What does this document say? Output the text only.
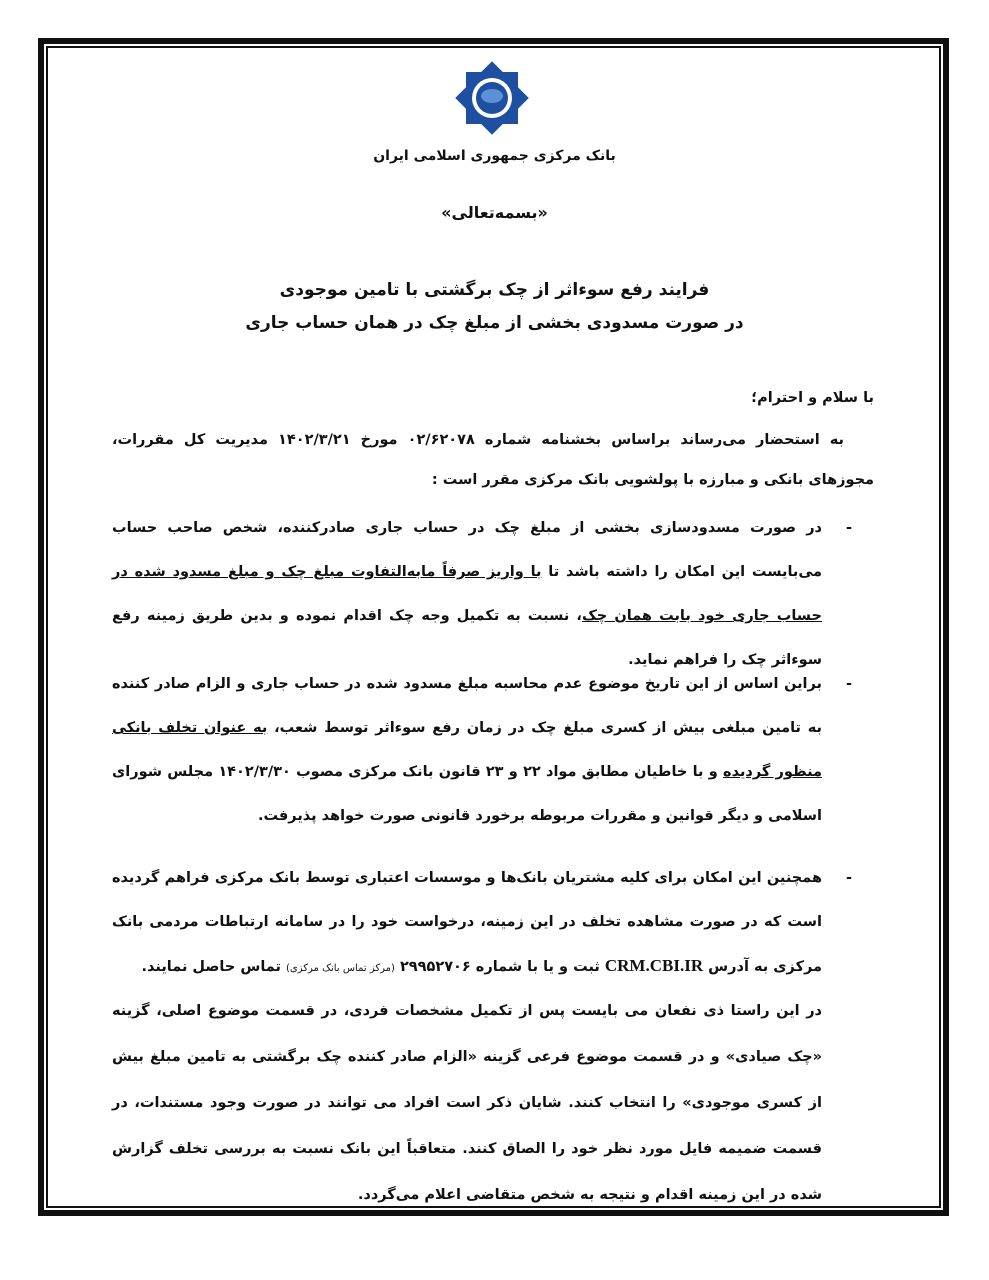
بانک مرکزی جمهوری اسلامی ایران
«بسمه‌تعالی»
فرایند رفع سوءاثر از چک برگشتی با تامین موجودی
در صورت مسدودی بخشی از مبلغ چک در همان حساب جاری
با سلام و احترام؛
به استحضار می‌رساند براساس بخشنامه شماره ۰۲/۶۲۰۷۸ مورخ ۱۴۰۲/۳/۲۱ مدیریت کل مقررات، مجوزهای بانکی و مبارزه با پولشویی بانک مرکزی مقرر است :
-
در صورت مسدودسازی بخشی از مبلغ چک در حساب جاری صادرکننده، شخص صاحب حساب می‌بایست این امکان را داشته باشد تا با واریز صرفاً مابه‌التفاوت مبلغ چک و مبلغ مسدود شده در حساب جاری خود بابت همان چک، نسبت به تکمیل وجه چک اقدام نموده و بدین طریق زمینه رفع سوءاثر چک را فراهم نماید.
-
براین اساس از این تاریخ موضوع عدم محاسبه مبلغ مسدود شده در حساب جاری و الزام صادر کننده به تامین مبلغی بیش از کسری مبلغ چک در زمان رفع سوءاثر توسط شعب، به عنوان تخلف بانکی منظور گردیده و با خاطیان مطابق مواد ۲۲ و ۲۳ قانون بانک مرکزی مصوب ۱۴۰۲/۳/۳۰ مجلس شورای اسلامی و دیگر قوانین و مقررات مربوطه برخورد قانونی صورت خواهد پذیرفت.
-
همچنین این امکان برای کلیه مشتریان بانک‌ها و موسسات اعتباری توسط بانک مرکزی فراهم گردیده است که در صورت مشاهده تخلف در این زمینه، درخواست خود را در سامانه ارتباطات مردمی بانک مرکزی به آدرس CRM.CBI.IR ثبت و یا با شماره ۲۹۹۵۲۷۰۶ (مرکز تماس بانک مرکزی) تماس حاصل نمایند.
در این راستا ذی نفعان می بایست پس از تکمیل مشخصات فردی، در قسمت موضوع اصلی، گزینه «چک صیادی» و در قسمت موضوع فرعی گزینه «الزام صادر کننده چک برگشتی به تامین مبلغ بیش از کسری موجودی» را انتخاب کنند. شایان ذکر است افراد می توانند در صورت وجود مستندات، در قسمت ضمیمه فایل مورد نظر خود را الصاق کنند. متعاقباً این بانک نسبت به بررسی تخلف گزارش شده در این زمینه اقدام و نتیجه به شخص متقاضی اعلام می‌گردد.
